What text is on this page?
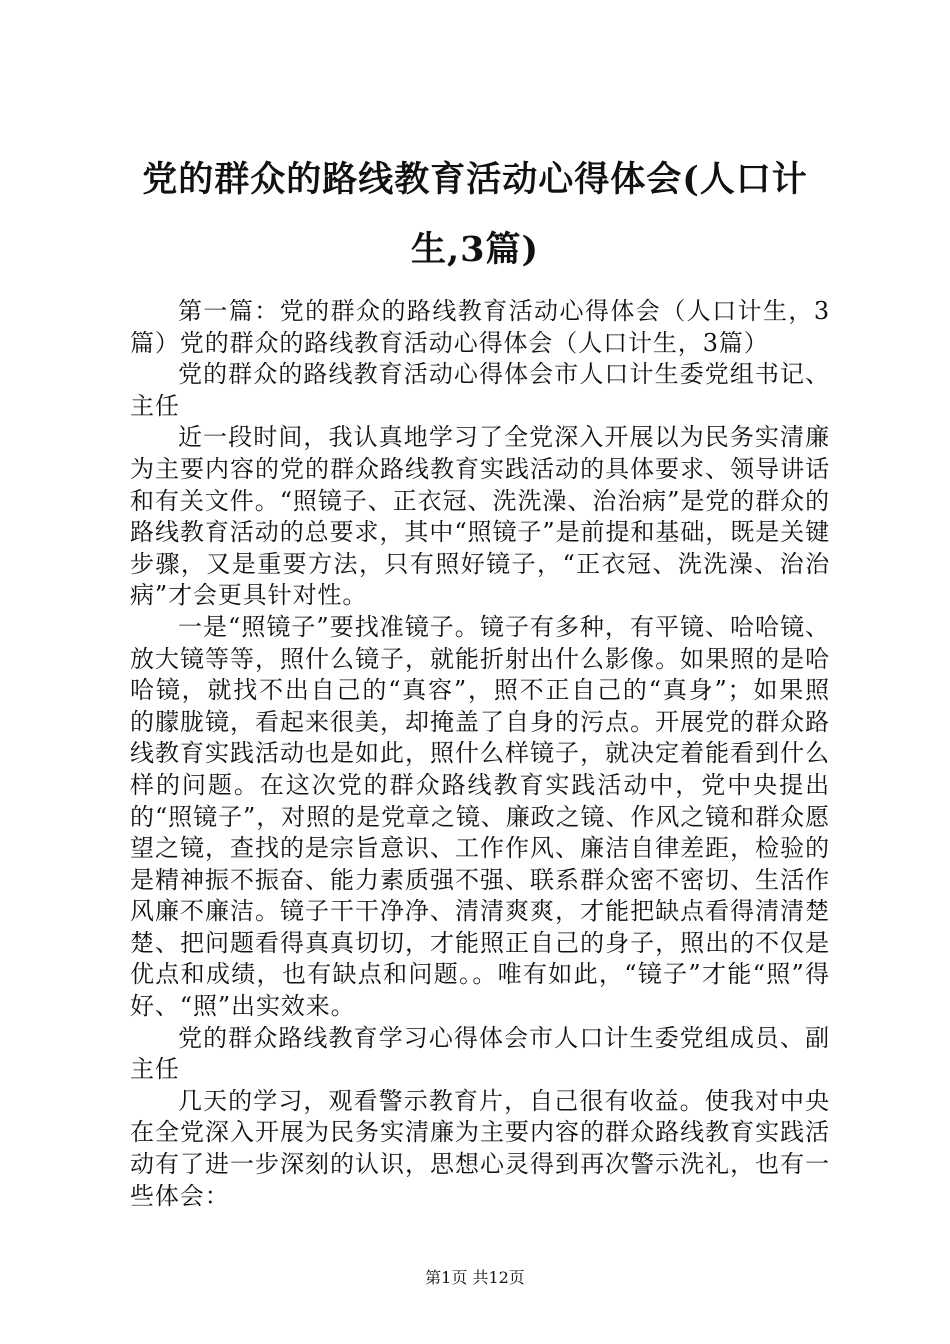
党的群众的路线教育活动心得体会(人口计

生,3篇)

第一篇：党的群众的路线教育活动心得体会（人口计生，3篇）党的群众的路线教育活动心得体会（人口计生，3篇）

党的群众的路线教育活动心得体会市人口计生委党组书记、主任

近一段时间，我认真地学习了全党深入开展以为民务实清廉为主要内容的党的群众路线教育实践活动的具体要求、领导讲话和有关文件。“照镜子、正衣冠、洗洗澡、治治病”是党的群众的路线教育活动的总要求，其中“照镜子”是前提和基础，既是关键步骤，又是重要方法，只有照好镜子，“正衣冠、洗洗澡、治治病”才会更具针对性。

一是“照镜子”要找准镜子。镜子有多种，有平镜、哈哈镜、放大镜等等，照什么镜子，就能折射出什么影像。如果照的是哈哈镜，就找不出自己的“真容”，照不正自己的“真身”；如果照的朦胧镜，看起来很美，却掩盖了自身的污点。开展党的群众路线教育实践活动也是如此，照什么样镜子，就决定着能看到什么样的问题。在这次党的群众路线教育实践活动中，党中央提出的“照镜子”，对照的是党章之镜、廉政之镜、作风之镜和群众愿望之镜，查找的是宗旨意识、工作作风、廉洁自律差距，检验的是精神振不振奋、能力素质强不强、联系群众密不密切、生活作风廉不廉洁。镜子干干净净、清清爽爽，才能把缺点看得清清楚楚、把问题看得真真切切，才能照正自己的身子，照出的不仅是优点和成绩，也有缺点和问题。。唯有如此，“镜子”才能“照”得好、“照”出实效来。

党的群众路线教育学习心得体会市人口计生委党组成员、副主任

几天的学习，观看警示教育片，自己很有收益。使我对中央在全党深入开展为民务实清廉为主要内容的群众路线教育实践活动有了进一步深刻的认识，思想心灵得到再次警示洗礼，也有一些体会：

第1页 共12页
